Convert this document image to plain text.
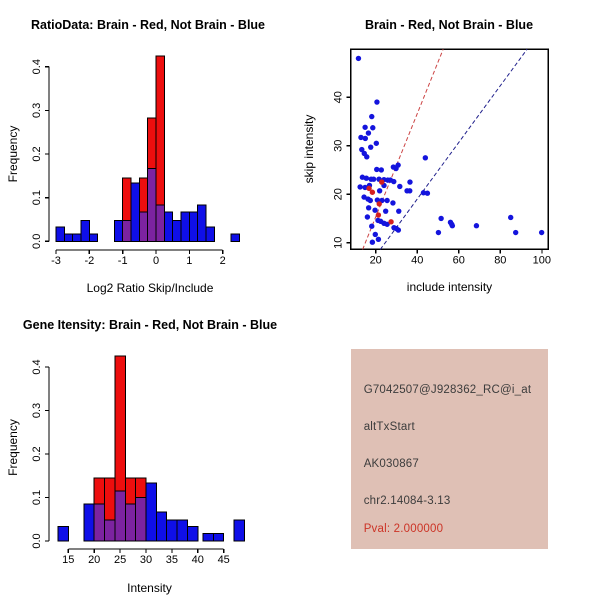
RatioData: Brain - Red, Not Brain - Blue
-3 -2 -1 0 1 2
0.0
0.1
0.2
0.3
0.4
Log2 Ratio Skip/Include
Frequency
Brain - Red, Not Brain - Blue
20	40	60	80 100
10
20
30
40
include intensity
skip intensity
Gene Itensity: Brain - Red, Not Brain - Blue
15 20 25 30 35 40 45
0.0
0.1
0.2
0.3
0.4
Intensity
Frequency
G7042507@J928362_RC@i_at
altTxStart
AK030867
chr2.14084-3.13
Pval: 2.000000
